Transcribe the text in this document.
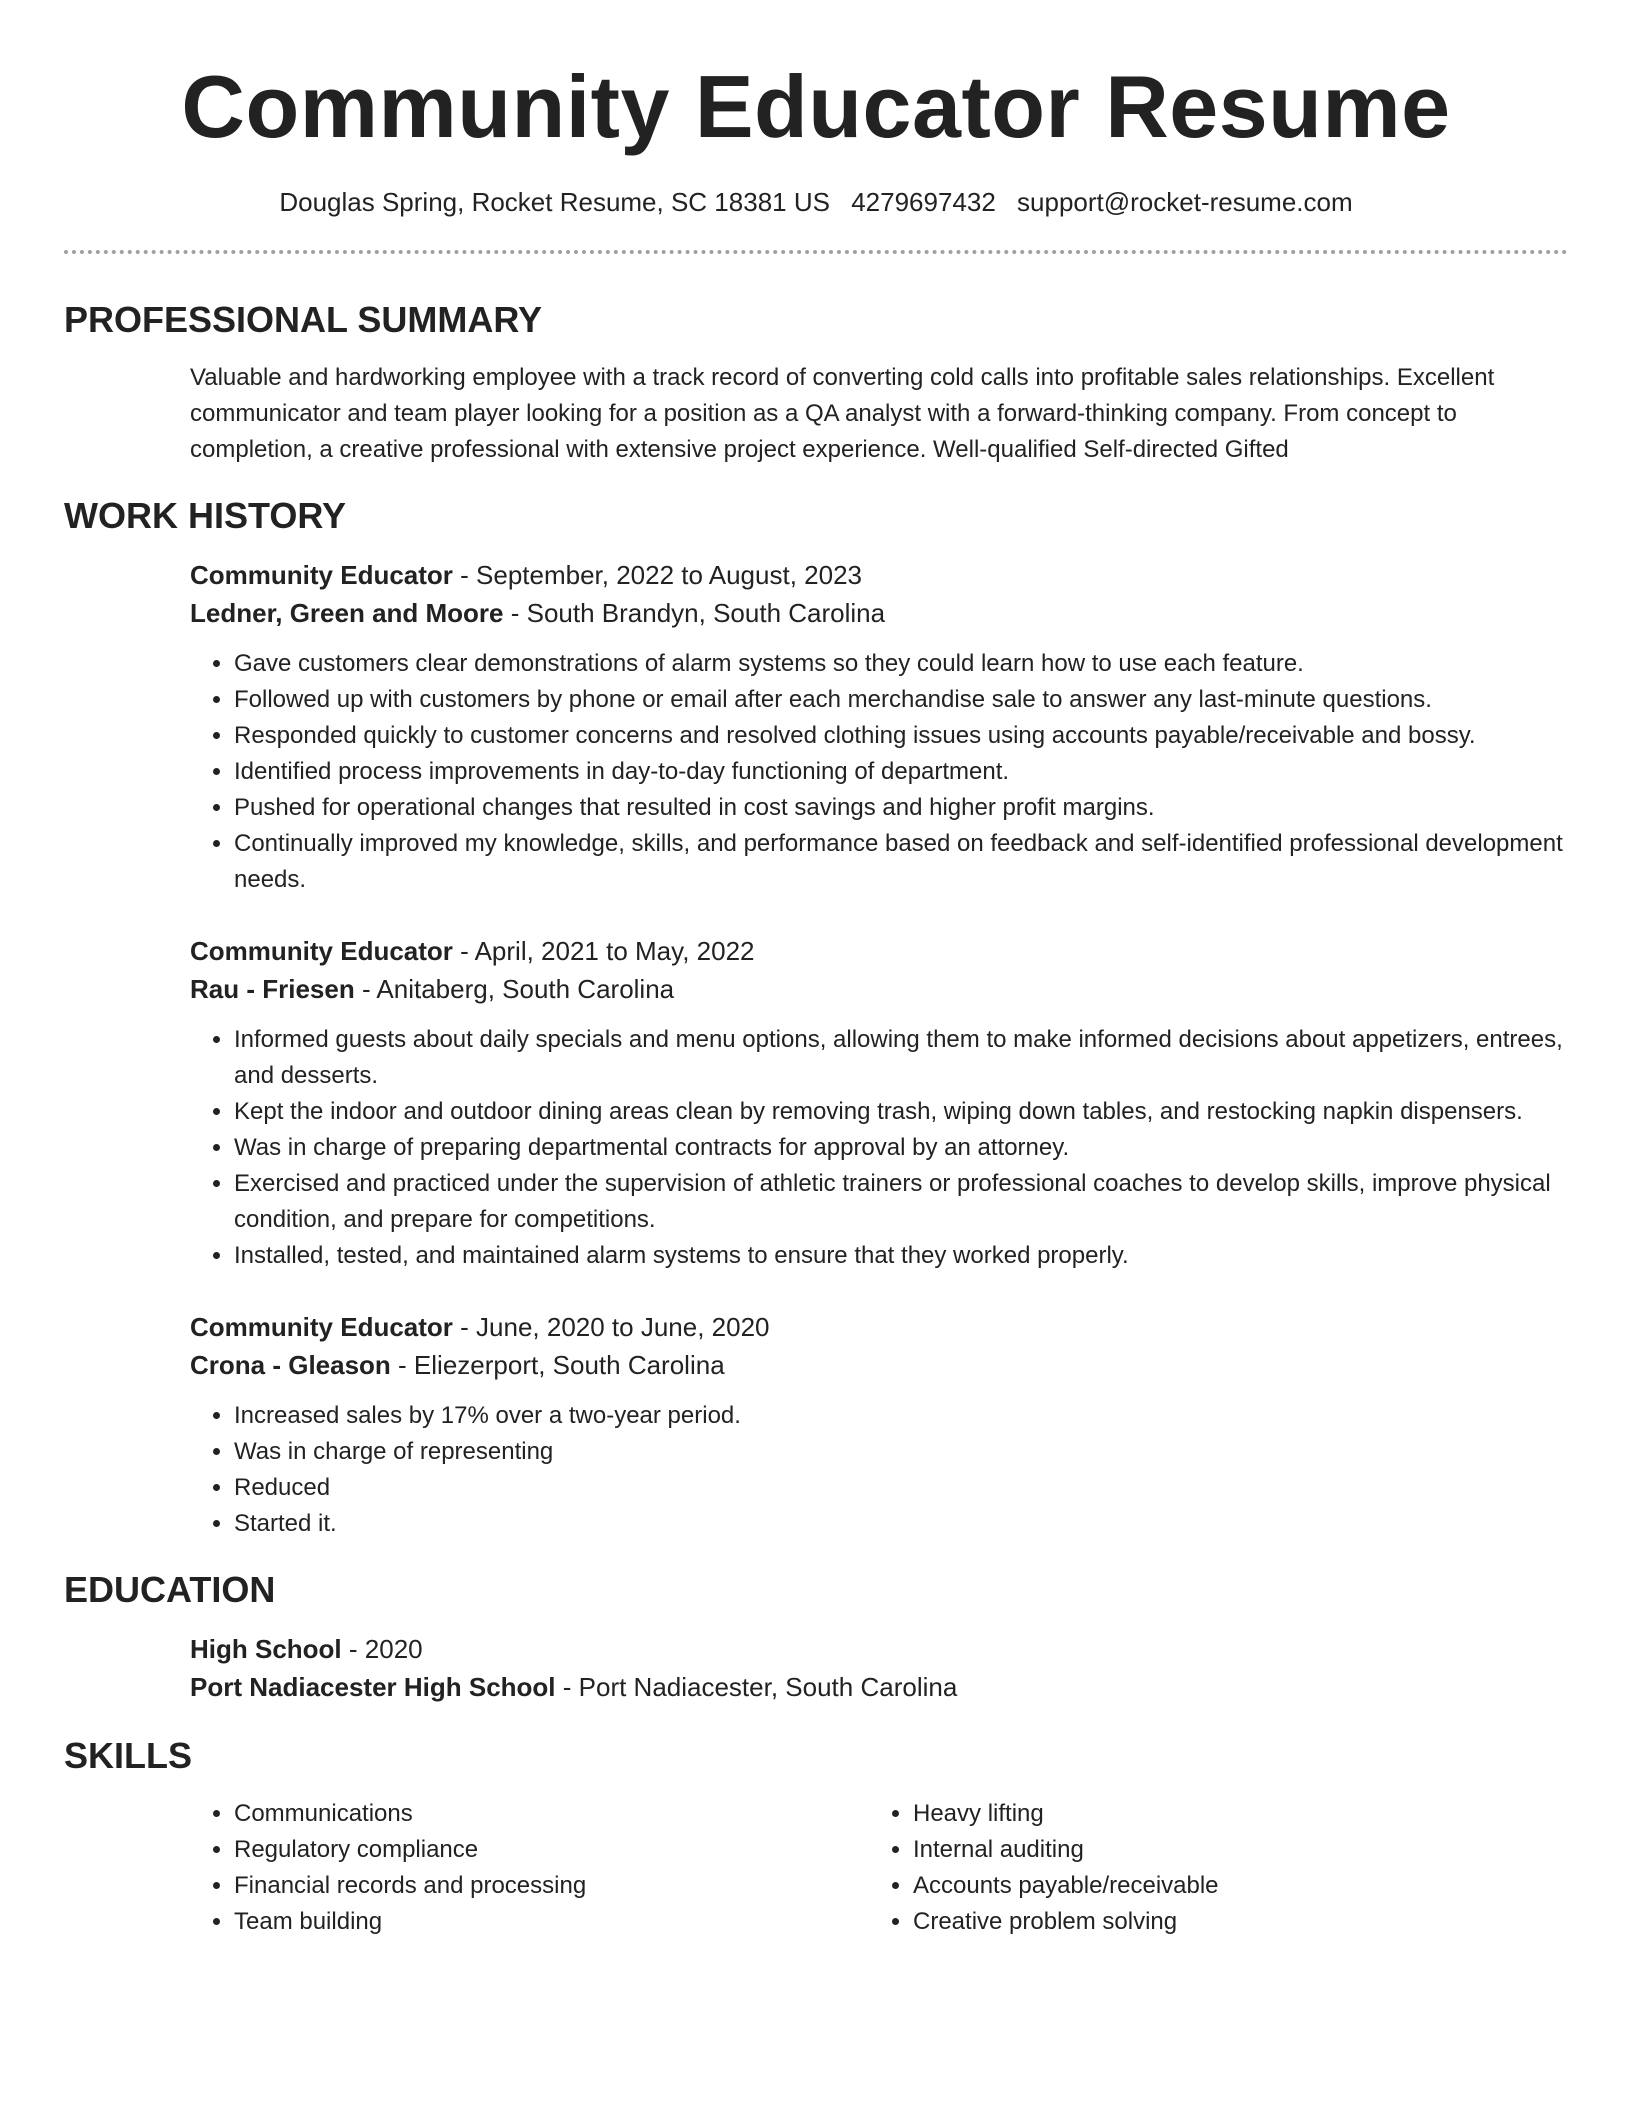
Community Educator Resume
Douglas Spring, Rocket Resume, SC 18381 US 4279697432 support@rocket-resume.com
PROFESSIONAL SUMMARY

Valuable and hardworking employee with a track record of converting cold calls into profitable sales relationships. Excellent communicator and team player looking for a position as a QA analyst with a forward-thinking company. From concept to completion, a creative professional with extensive project experience. Well-qualified Self-directed Gifted

WORK HISTORY

Community Educator - September, 2022 to August, 2023

Ledner, Green and Moore - South Brandyn, South Carolina

• Gave customers clear demonstrations of alarm systems so they could learn how to use each feature.
• Followed up with customers by phone or email after each merchandise sale to answer any last-minute questions.
• Responded quickly to customer concerns and resolved clothing issues using accounts payable/receivable and bossy.
• Identified process improvements in day-to-day functioning of department.
• Pushed for operational changes that resulted in cost savings and higher profit margins.
• Continually improved my knowledge, skills, and performance based on feedback and self-identified professional development needs.

Community Educator - April, 2021 to May, 2022

Rau - Friesen - Anitaberg, South Carolina

• Informed guests about daily specials and menu options, allowing them to make informed decisions about appetizers, entrees, and desserts.
• Kept the indoor and outdoor dining areas clean by removing trash, wiping down tables, and restocking napkin dispensers.
• Was in charge of preparing departmental contracts for approval by an attorney.
• Exercised and practiced under the supervision of athletic trainers or professional coaches to develop skills, improve physical condition, and prepare for competitions.
• Installed, tested, and maintained alarm systems to ensure that they worked properly.

Community Educator - June, 2020 to June, 2020

Crona - Gleason - Eliezerport, South Carolina

• Increased sales by 17% over a two-year period.
• Was in charge of representing
• Reduced
• Started it.
EDUCATION

High School - 2020

Port Nadiacester High School - Port Nadiacester, South Carolina

SKILLS
• Communications
• Regulatory compliance
• Financial records and processing
• Team building
• Heavy lifting
• Internal auditing
• Accounts payable/receivable
• Creative problem solving
